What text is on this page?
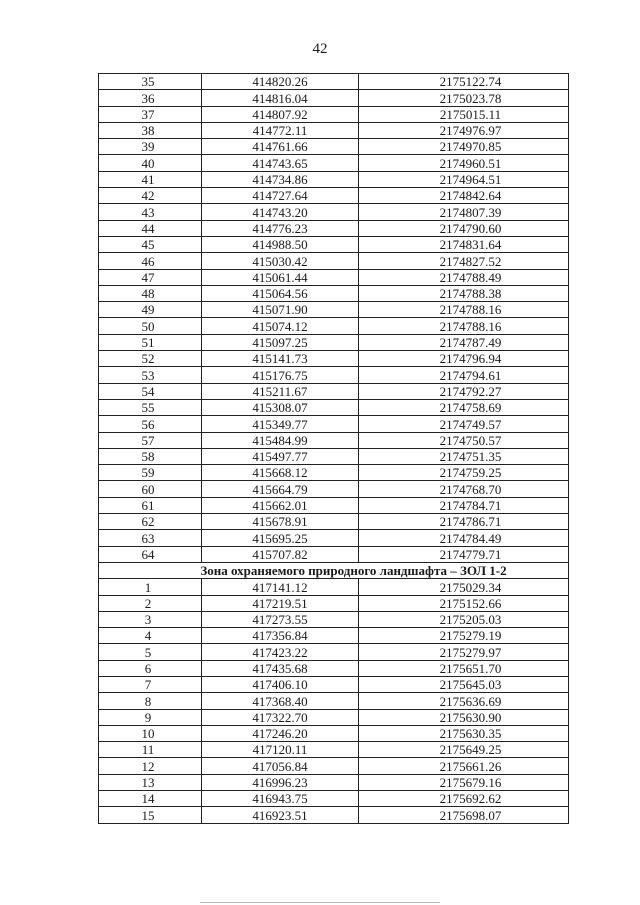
42
35	414820.26	2175122.74
36	414816.04	2175023.78
37	414807.92	2175015.11
38	414772.11	2174976.97
39	414761.66	2174970.85
40	414743.65	2174960.51
41	414734.86	2174964.51
42	414727.64	2174842.64
43	414743.20	2174807.39
44	414776.23	2174790.60
45	414988.50	2174831.64
46	415030.42	2174827.52
47	415061.44	2174788.49
48	415064.56	2174788.38
49	415071.90	2174788.16
50	415074.12	2174788.16
51	415097.25	2174787.49
52	415141.73	2174796.94
53	415176.75	2174794.61
54	415211.67	2174792.27
55	415308.07	2174758.69
56	415349.77	2174749.57
57	415484.99	2174750.57
58	415497.77	2174751.35
59	415668.12	2174759.25
60	415664.79	2174768.70
61	415662.01	2174784.71
62	415678.91	2174786.71
63	415695.25	2174784.49
64	415707.82	2174779.71
Зона охраняемого природного ландшафта – ЗОЛ 1-2		
1	417141.12	2175029.34
2	417219.51	2175152.66
3	417273.55	2175205.03
4	417356.84	2175279.19
5	417423.22	2175279.97
6	417435.68	2175651.70
7	417406.10	2175645.03
8	417368.40	2175636.69
9	417322.70	2175630.90
10	417246.20	2175630.35
11	417120.11	2175649.25
12	417056.84	2175661.26
13	416996.23	2175679.16
14	416943.75	2175692.62
15	416923.51	2175698.07
